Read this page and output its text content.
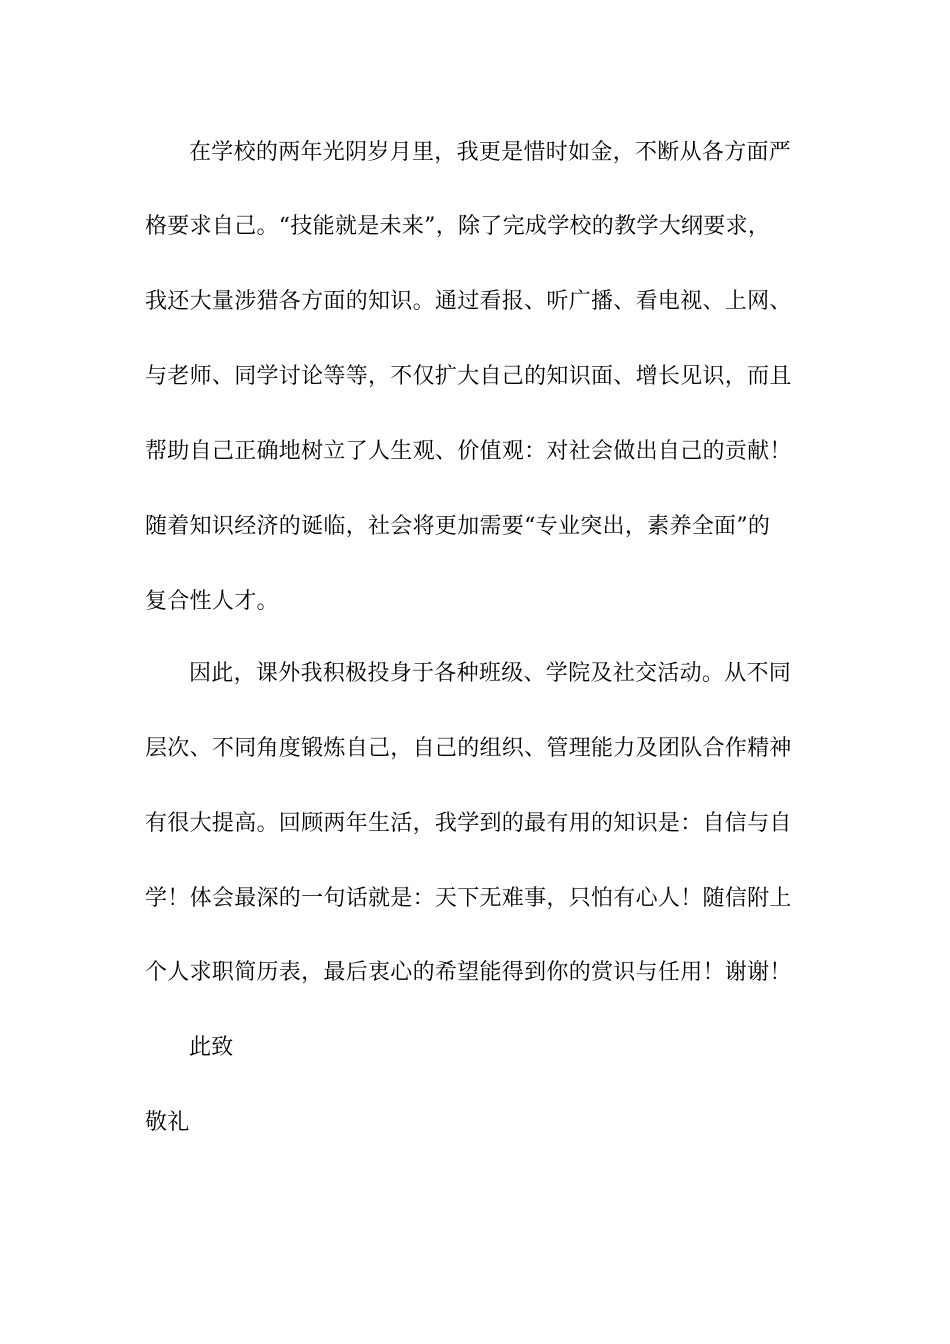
在学校的两年光阴岁月里，我更是惜时如金，不断从各方面严
格要求自己。“技能就是未来”，除了完成学校的教学大纲要求，
我还大量涉猎各方面的知识。通过看报、听广播、看电视、上网、
与老师、同学讨论等等，不仅扩大自己的知识面、增长见识，而且
帮助自己正确地树立了人生观、价值观：对社会做出自己的贡献！
随着知识经济的诞临，社会将更加需要“专业突出，素养全面”的
复合性人才。
因此，课外我积极投身于各种班级、学院及社交活动。从不同
层次、不同角度锻炼自己，自己的组织、管理能力及团队合作精神
有很大提高。回顾两年生活，我学到的最有用的知识是：自信与自
学！体会最深的一句话就是：天下无难事，只怕有心人！随信附上
个人求职简历表，最后衷心的希望能得到你的赏识与任用！谢谢！
此致
敬礼
